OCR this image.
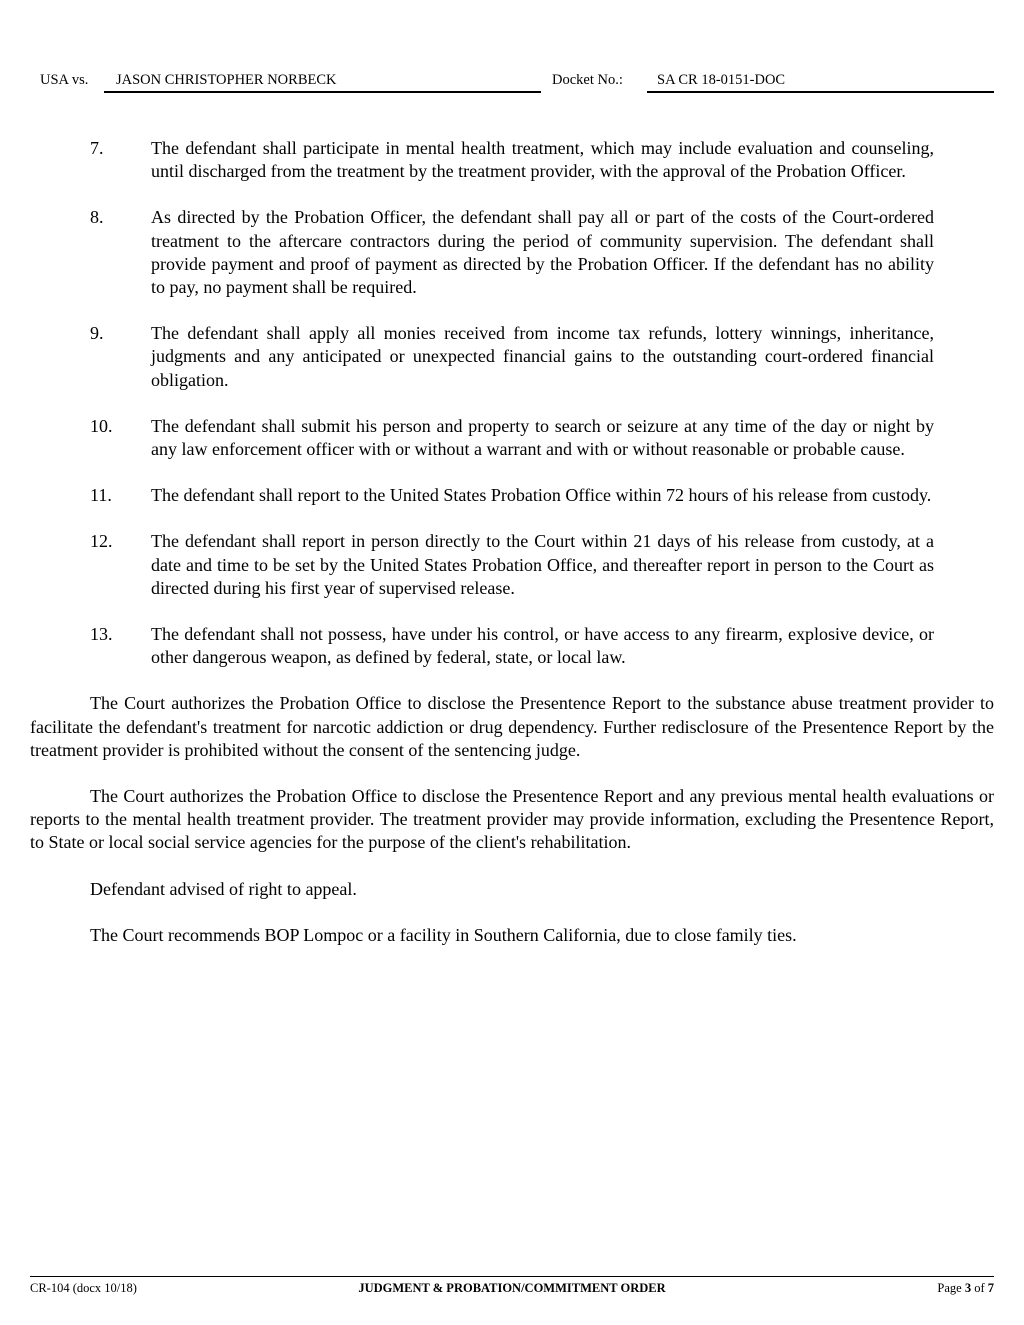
USA vs. JASON CHRISTOPHER NORBECK	Docket No.: SA CR 18-0151-DOC
7.	The defendant shall participate in mental health treatment, which may include evaluation and counseling, until discharged from the treatment by the treatment provider, with the approval of the Probation Officer.
8.	As directed by the Probation Officer, the defendant shall pay all or part of the costs of the Court-ordered treatment to the aftercare contractors during the period of community supervision. The defendant shall provide payment and proof of payment as directed by the Probation Officer. If the defendant has no ability to pay, no payment shall be required.
9.	The defendant shall apply all monies received from income tax refunds, lottery winnings, inheritance, judgments and any anticipated or unexpected financial gains to the outstanding court-ordered financial obligation.
10. The defendant shall submit his person and property to search or seizure at any time of the day or night by any law enforcement officer with or without a warrant and with or without reasonable or probable cause.
11. The defendant shall report to the United States Probation Office within 72 hours of his release from custody.
12. The defendant shall report in person directly to the Court within 21 days of his release from custody, at a date and time to be set by the United States Probation Office, and thereafter report in person to the Court as directed during his first year of supervised release.
13. The defendant shall not possess, have under his control, or have access to any firearm, explosive device, or other dangerous weapon, as defined by federal, state, or local law.

The Court authorizes the Probation Office to disclose the Presentence Report to the substance abuse treatment provider to facilitate the defendant's treatment for narcotic addiction or drug dependency. Further redisclosure of the Presentence Report by the treatment provider is prohibited without the consent of the sentencing judge.

The Court authorizes the Probation Office to disclose the Presentence Report and any previous mental health evaluations or reports to the mental health treatment provider. The treatment provider may provide information, excluding the Presentence Report, to State or local social service agencies for the purpose of the client's rehabilitation.

Defendant advised of right to appeal.

The Court recommends BOP Lompoc or a facility in Southern California, due to close family ties.

CR-104 (docx 10/18)	JUDGMENT & PROBATION/COMMITMENT ORDER	Page 3 of 7
